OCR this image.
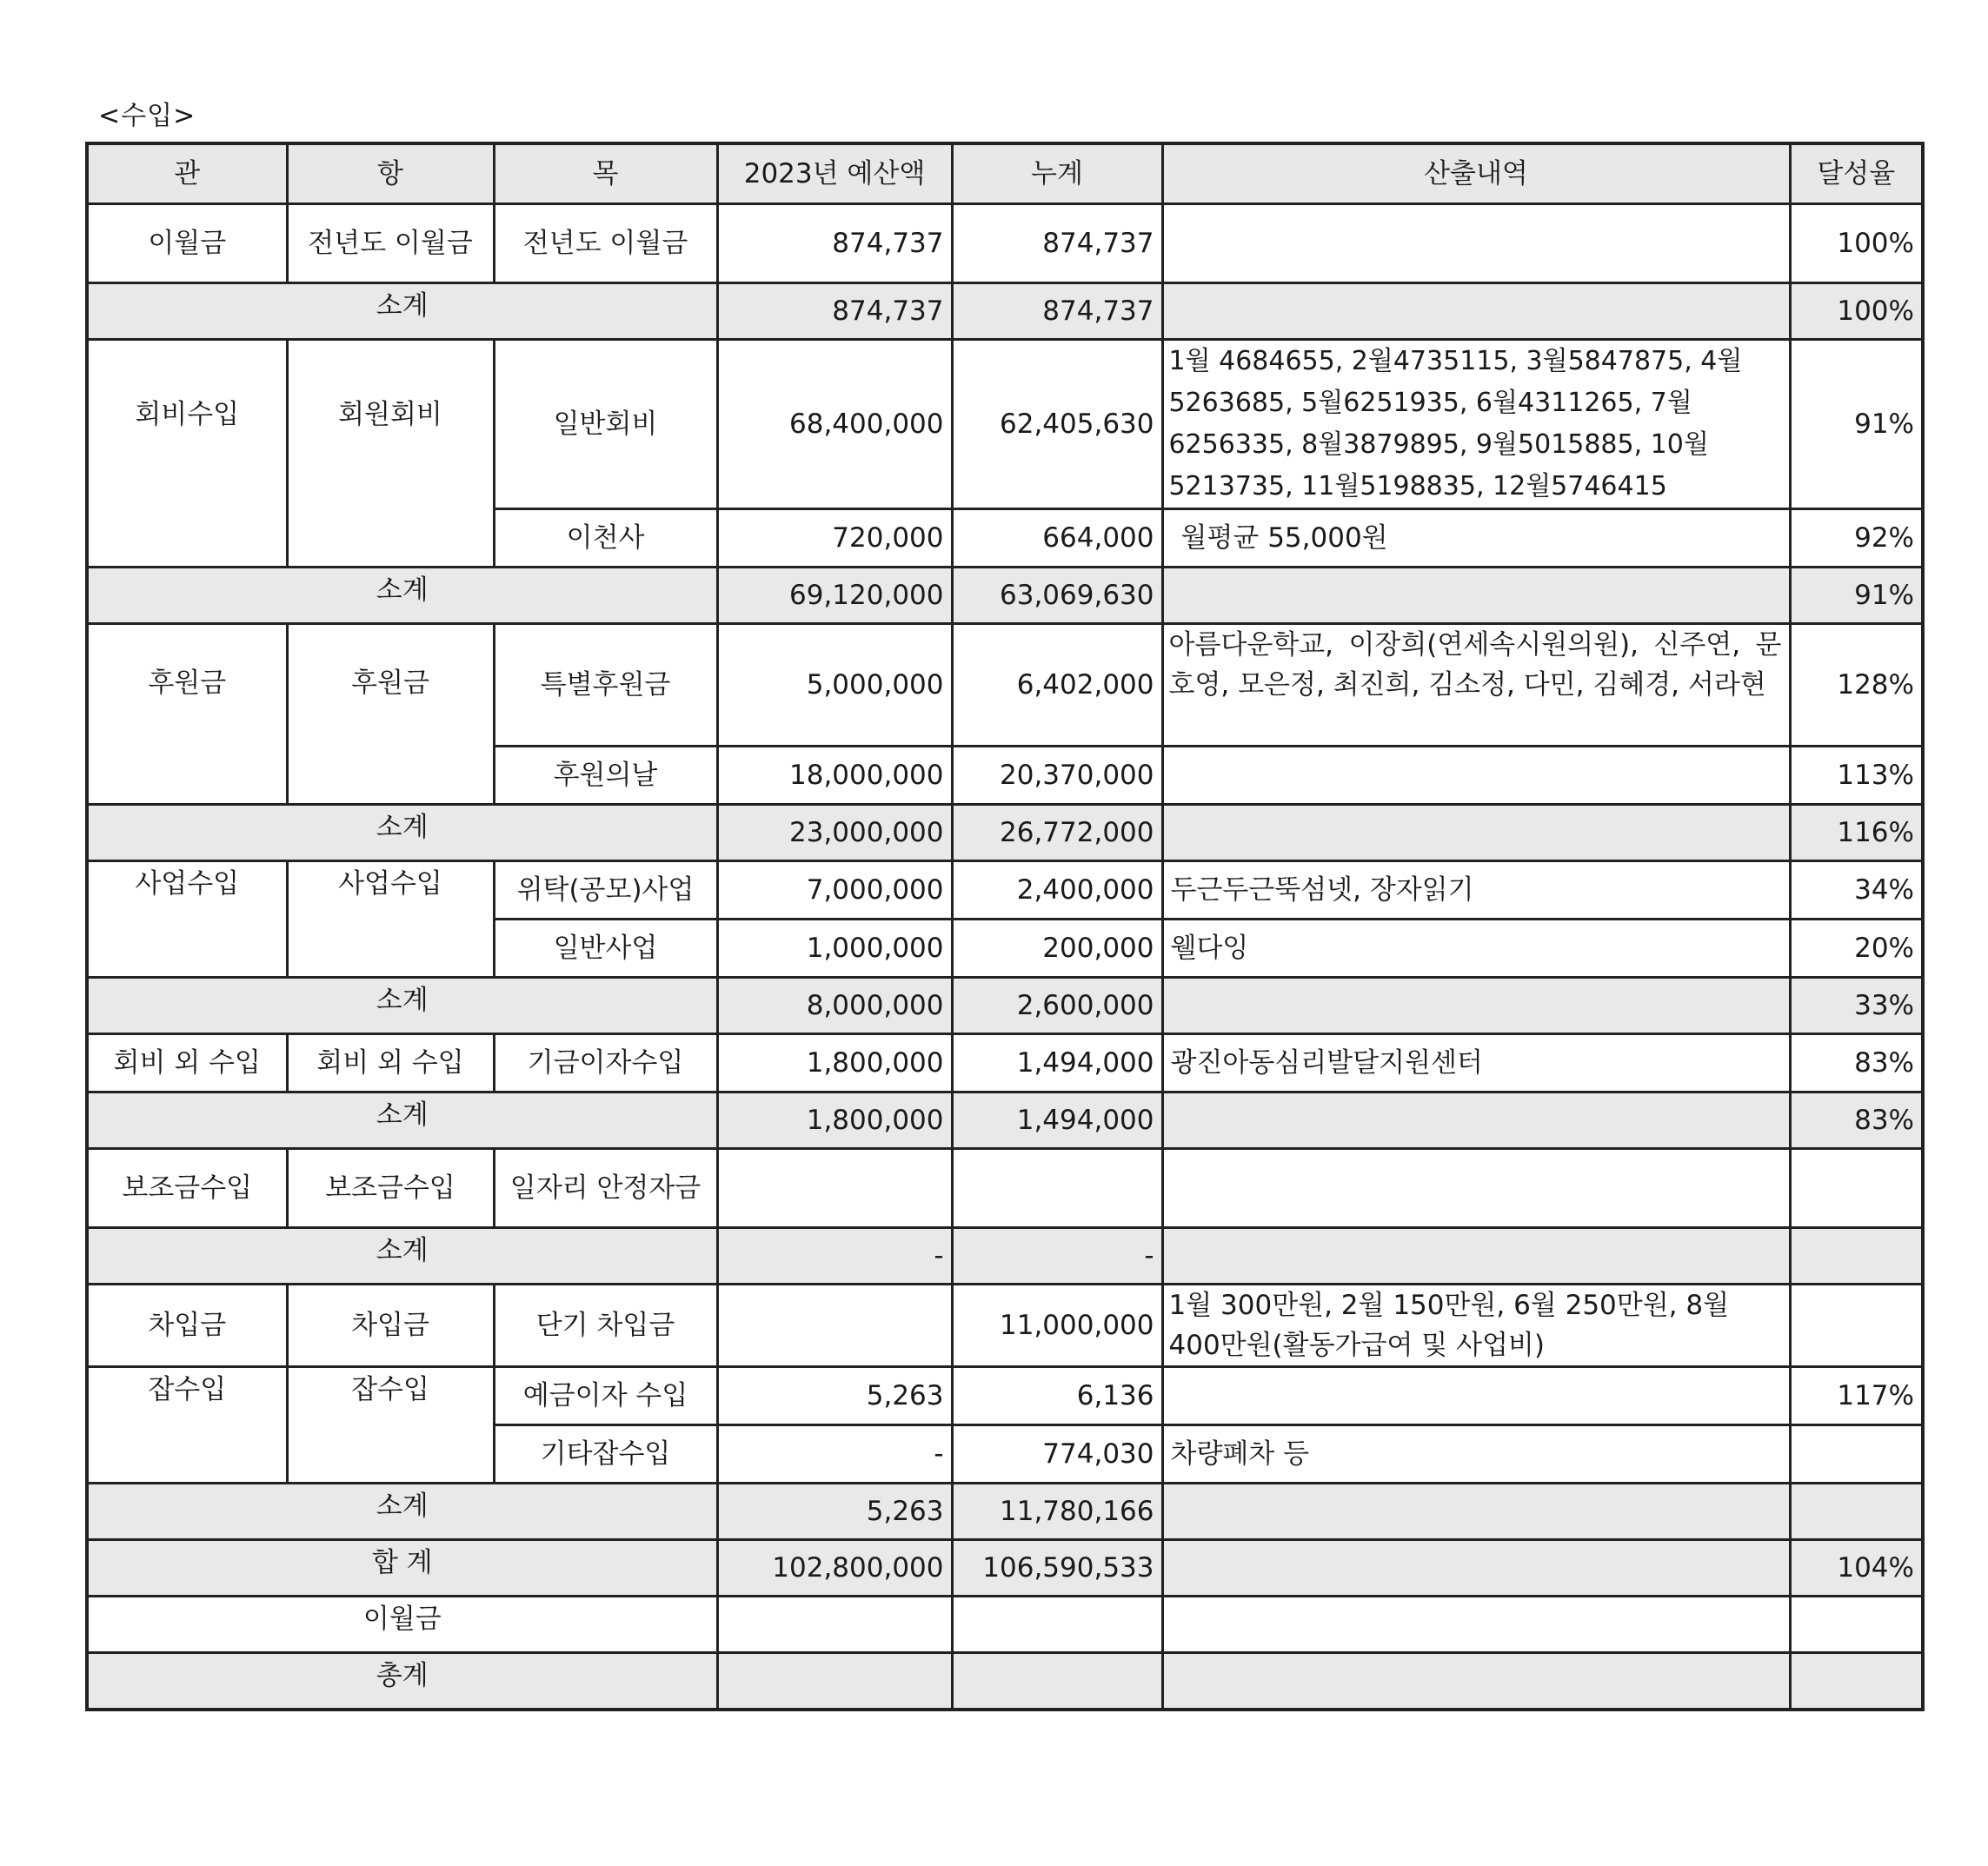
<수입>
관	항	목	2023년 예산액	누계	산출내역	달성율
이월금	전년도 이월금	전년도 이월금	874,737	874,737		100%
소계			874,737	874,737		100%
회비수입	회원회비	일반회비	68,400,000	62,405,630	1월 4684655, 2월4735115, 3월5847875, 4월5263685, 5월6251935, 6월4311265, 7월6256335, 8월3879895, 9월5015885, 10월5213735, 11월5198835, 12월5746415	91%
		이천사	720,000	664,000	월평균 55,000원	92%
소계			69,120,000	63,069,630		91%
후원금	후원금	특별후원금	5,000,000	6,402,000	아름다운학교, 이장희(연세속시원의원), 신주연, 문호영, 모은정, 최진희, 김소정, 다민, 김혜경, 서라현	128%
		후원의날	18,000,000	20,370,000		113%
소계			23,000,000	26,772,000		116%
사업수입	사업수입	위탁(공모)사업	7,000,000	2,400,000	두근두근뚝섬넷, 장자읽기	34%
		일반사업	1,000,000	200,000	웰다잉	20%
소계			8,000,000	2,600,000		33%
회비 외 수입	회비 외 수입	기금이자수입	1,800,000	1,494,000	광진아동심리발달지원센터	83%
소계			1,800,000	1,494,000		83%
보조금수입	보조금수입	일자리 안정자금				
소계			-	-		
차입금	차입금	단기 차입금		11,000,000	1월 300만원, 2월 150만원, 6월 250만원, 8월 400만원(활동가급여 및 사업비)	
잡수입	잡수입	예금이자 수입	5,263	6,136		117%
		기타잡수입	-	774,030	차량폐차 등	
소계			5,263	11,780,166		
합 계			102,800,000	106,590,533		104%
이월금						
총계						
